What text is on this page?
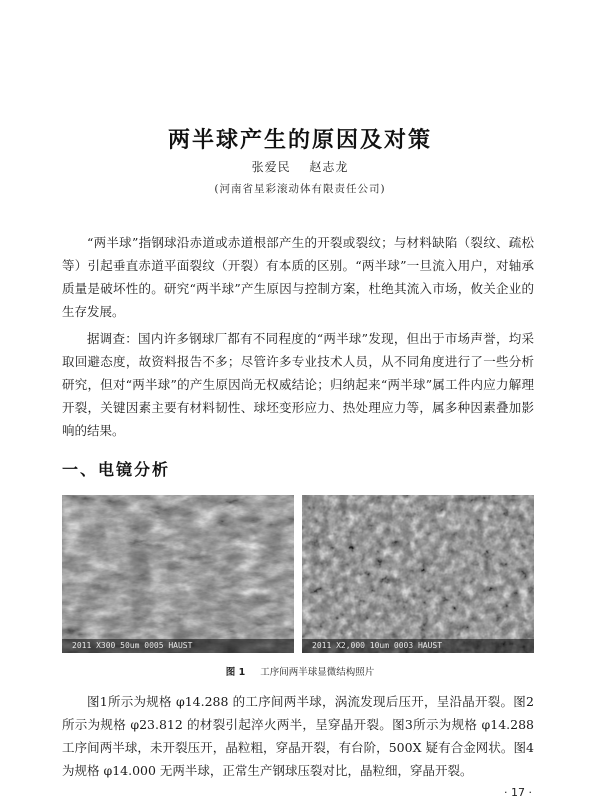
两半球产生的原因及对策
张爱民 赵志龙
(河南省星彩滚动体有限责任公司)

“两半球”指钢球沿赤道或赤道根部产生的开裂或裂纹；与材料缺陷（裂纹、疏松等）引起垂直赤道平面裂纹（开裂）有本质的区别。“两半球”一旦流入用户，对轴承质量是破坏性的。研究“两半球”产生原因与控制方案，杜绝其流入市场，攸关企业的生存发展。

据调查：国内许多钢球厂都有不同程度的“两半球”发现，但出于市场声誉，均采取回避态度，故资料报告不多；尽管许多专业技术人员，从不同角度进行了一些分析研究，但对“两半球”的产生原因尚无权威结论；归纳起来“两半球”属工件内应力解理开裂，关键因素主要有材料韧性、球坯变形应力、热处理应力等，属多种因素叠加影响的结果。

一、电镜分析
2011 X300 50um 0005 HAUST	2011 X2,000 10um 0003 HAUST
图 1 工序间两半球显微结构照片

图1所示为规格 φ14.288 的工序间两半球，涡流发现后压开，呈沿晶开裂。图2所示为规格 φ23.812 的材裂引起淬火两半，呈穿晶开裂。图3所示为规格 φ14.288 工序间两半球，未开裂压开，晶粒粗，穿晶开裂，有台阶，500X 疑有合金网状。图4为规格 φ14.000 无两半球，正常生产钢球压裂对比，晶粒细，穿晶开裂。

· 17 ·
